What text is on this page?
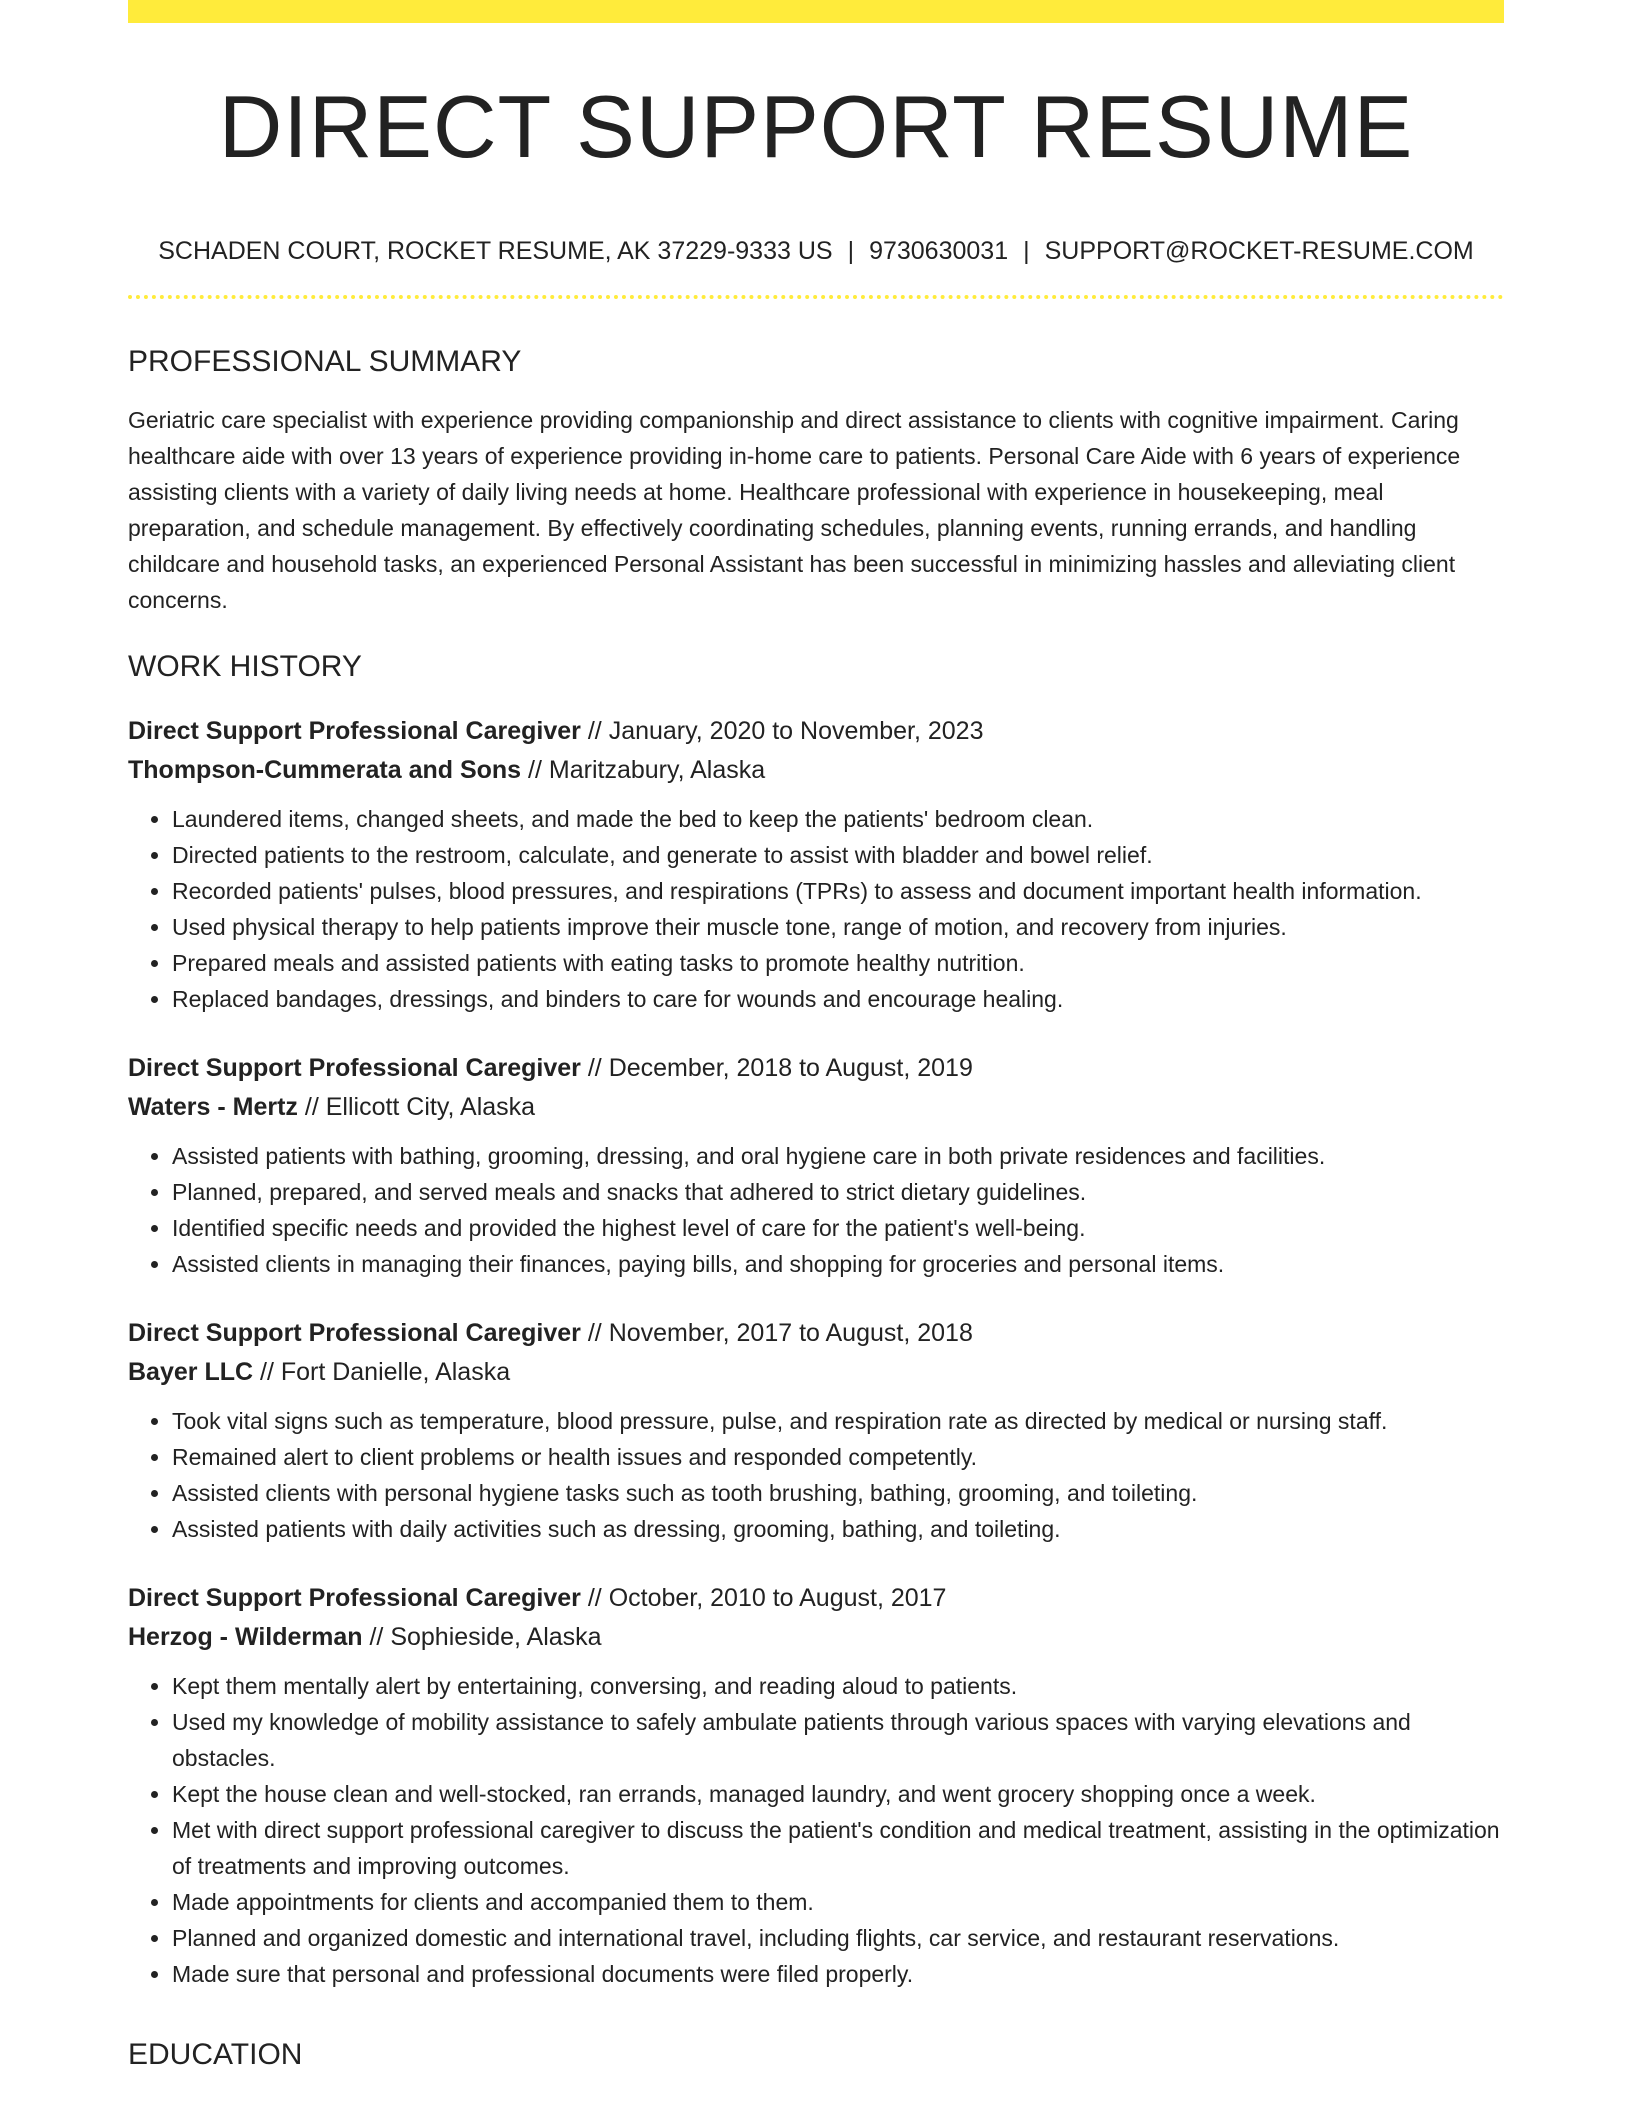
DIRECT SUPPORT RESUME
SCHADEN COURT, ROCKET RESUME, AK 37229-9333 US | 9730630031 | SUPPORT@ROCKET-RESUME.COM
PROFESSIONAL SUMMARY

Geriatric care specialist with experience providing companionship and direct assistance to clients with cognitive impairment. Caring healthcare aide with over 13 years of experience providing in-home care to patients. Personal Care Aide with 6 years of experience assisting clients with a variety of daily living needs at home. Healthcare professional with experience in housekeeping, meal preparation, and schedule management. By effectively coordinating schedules, planning events, running errands, and handling childcare and household tasks, an experienced Personal Assistant has been successful in minimizing hassles and alleviating client concerns.

WORK HISTORY
Direct Support Professional Caregiver // January, 2020 to November, 2023
Thompson-Cummerata and Sons // Maritzabury, Alaska
• Laundered items, changed sheets, and made the bed to keep the patients' bedroom clean.
• Directed patients to the restroom, calculate, and generate to assist with bladder and bowel relief.
• Recorded patients' pulses, blood pressures, and respirations (TPRs) to assess and document important health information.
• Used physical therapy to help patients improve their muscle tone, range of motion, and recovery from injuries.
• Prepared meals and assisted patients with eating tasks to promote healthy nutrition.
• Replaced bandages, dressings, and binders to care for wounds and encourage healing.
Direct Support Professional Caregiver // December, 2018 to August, 2019
Waters - Mertz // Ellicott City, Alaska
• Assisted patients with bathing, grooming, dressing, and oral hygiene care in both private residences and facilities.
• Planned, prepared, and served meals and snacks that adhered to strict dietary guidelines.
• Identified specific needs and provided the highest level of care for the patient's well-being.
• Assisted clients in managing their finances, paying bills, and shopping for groceries and personal items.
Direct Support Professional Caregiver // November, 2017 to August, 2018
Bayer LLC // Fort Danielle, Alaska
• Took vital signs such as temperature, blood pressure, pulse, and respiration rate as directed by medical or nursing staff.
• Remained alert to client problems or health issues and responded competently.
• Assisted clients with personal hygiene tasks such as tooth brushing, bathing, grooming, and toileting.
• Assisted patients with daily activities such as dressing, grooming, bathing, and toileting.
Direct Support Professional Caregiver // October, 2010 to August, 2017
Herzog - Wilderman // Sophieside, Alaska
• Kept them mentally alert by entertaining, conversing, and reading aloud to patients.
• Used my knowledge of mobility assistance to safely ambulate patients through various spaces with varying elevations and obstacles.
• Kept the house clean and well-stocked, ran errands, managed laundry, and went grocery shopping once a week.
• Met with direct support professional caregiver to discuss the patient's condition and medical treatment, assisting in the optimization of treatments and improving outcomes.
• Made appointments for clients and accompanied them to them.
• Planned and organized domestic and international travel, including flights, car service, and restaurant reservations.
• Made sure that personal and professional documents were filed properly.
EDUCATION
